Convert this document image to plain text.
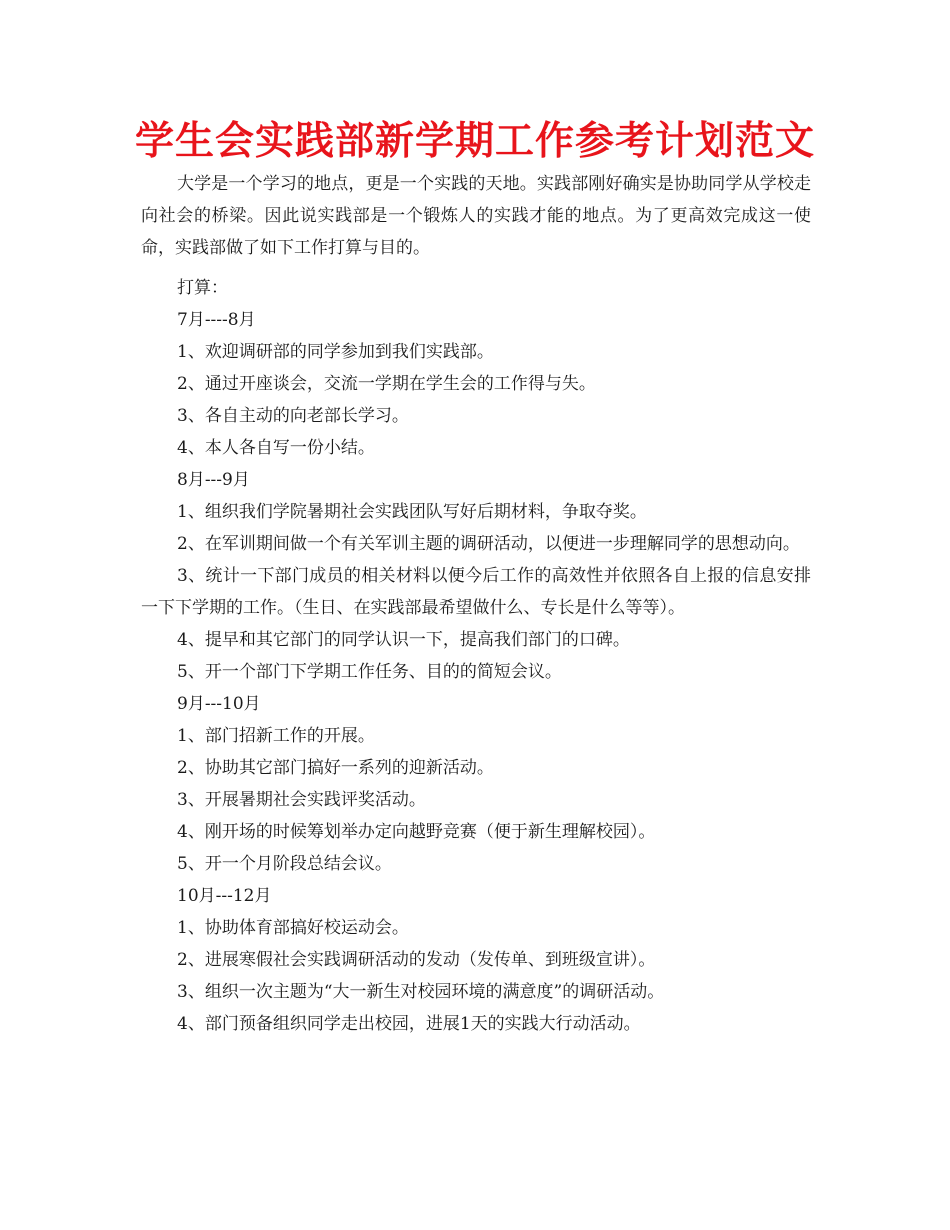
学生会实践部新学期工作参考计划范文

大学是一个学习的地点，更是一个实践的天地。实践部刚好确实是协助同学从学校走向社会的桥梁。因此说实践部是一个锻炼人的实践才能的地点。为了更高效完成这一使命，实践部做了如下工作打算与目的。

打算：

7月----8月

1、欢迎调研部的同学参加到我们实践部。

2、通过开座谈会，交流一学期在学生会的工作得与失。

3、各自主动的向老部长学习。

4、本人各自写一份小结。

8月---9月

1、组织我们学院暑期社会实践团队写好后期材料，争取夺奖。

2、在军训期间做一个有关军训主题的调研活动，以便进一步理解同学的思想动向。

3、统计一下部门成员的相关材料以便今后工作的高效性并依照各自上报的信息安排一下下学期的工作。（生日、在实践部最希望做什么、专长是什么等等）。

4、提早和其它部门的同学认识一下，提高我们部门的口碑。

5、开一个部门下学期工作任务、目的的简短会议。

9月---10月

1、部门招新工作的开展。

2、协助其它部门搞好一系列的迎新活动。

3、开展暑期社会实践评奖活动。

4、刚开场的时候筹划举办定向越野竞赛（便于新生理解校园）。

5、开一个月阶段总结会议。

10月---12月

1、协助体育部搞好校运动会。

2、进展寒假社会实践调研活动的发动（发传单、到班级宣讲）。

3、组织一次主题为“大一新生对校园环境的满意度”的调研活动。

4、部门预备组织同学走出校园，进展1天的实践大行动活动。
